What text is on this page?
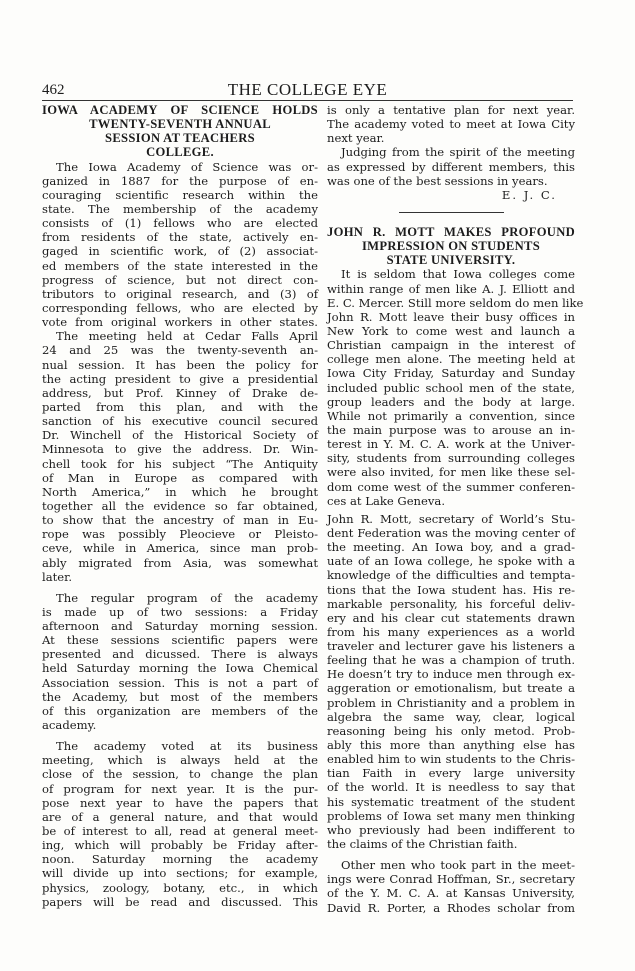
462	THE COLLEGE EYE
IOWA ACADEMY OF SCIENCE HOLDS
TWENTY-SEVENTH ANNUAL
SESSION AT TEACHERS
COLLEGE.
The Iowa Academy of Science was or-
ganized in 1887 for the purpose of en-
couraging scientific research within the
state. The membership of the academy
consists of (1) fellows who are elected
from residents of the state, actively en-
gaged in scientific work, of (2) associat-
ed members of the state interested in the
progress of science, but not direct con-
tributors to original research, and (3) of
corresponding fellows, who are elected by
vote from original workers in other states.
The meeting held at Cedar Falls April
24 and 25 was the twenty-seventh an-
nual session. It has been the policy for
the acting president to give a presidential
address, but Prof. Kinney of Drake de-
parted from this plan, and with the
sanction of his executive council secured
Dr. Winchell of the Historical Society of
Minnesota to give the address. Dr. Win-
chell took for his subject “The Antiquity
of Man in Europe as compared with
North America,” in which he brought
together all the evidence so far obtained,
to show that the ancestry of man in Eu-
rope was possibly Pleocieve or Pleisto-
ceve, while in America, since man prob-
ably migrated from Asia, was somewhat
later.
The regular program of the academy
is made up of two sessions: a Friday
afternoon and Saturday morning session.
At these sessions scientific papers were
presented and dicussed. There is always
held Saturday morning the Iowa Chemical
Association session. This is not a part of
the Academy, but most of the members
of this organization are members of the
academy.
The academy voted at its business
meeting, which is always held at the
close of the session, to change the plan
of program for next year. It is the pur-
pose next year to have the papers that
are of a general nature, and that would
be of interest to all, read at general meet-
ing, which will probably be Friday after-
noon. Saturday morning the academy
will divide up into sections; for example,
physics, zoology, botany, etc., in which
papers will be read and discussed. This
is only a tentative plan for next year.
The academy voted to meet at Iowa City
next year.
Judging from the spirit of the meeting
as expressed by different members, this
was one of the best sessions in years.
E. J. C.
JOHN R. MOTT MAKES PROFOUND
IMPRESSION ON STUDENTS
STATE UNIVERSITY.
It is seldom that Iowa colleges come
within range of men like A. J. Elliott and
E. C. Mercer. Still more seldom do men like
John R. Mott leave their busy offices in
New York to come west and launch a
Christian campaign in the interest of
college men alone. The meeting held at
Iowa City Friday, Saturday and Sunday
included public school men of the state,
group leaders and the body at large.
While not primarily a convention, since
the main purpose was to arouse an in-
terest in Y. M. C. A. work at the Univer-
sity, students from surrounding colleges
were also invited, for men like these sel-
dom come west of the summer conferen-
ces at Lake Geneva.
John R. Mott, secretary of World’s Stu-
dent Federation was the moving center of
the meeting. An Iowa boy, and a grad-
uate of an Iowa college, he spoke with a
knowledge of the difficulties and tempta-
tions that the Iowa student has. His re-
markable personality, his forceful deliv-
ery and his clear cut statements drawn
from his many experiences as a world
traveler and lecturer gave his listeners a
feeling that he was a champion of truth.
He doesn’t try to induce men through ex-
aggeration or emotionalism, but treate a
problem in Christianity and a problem in
algebra the same way, clear, logical
reasoning being his only metod. Prob-
ably this more than anything else has
enabled him to win students to the Chris-
tian Faith in every large university
of the world. It is needless to say that
his systematic treatment of the student
problems of Iowa set many men thinking
who previously had been indifferent to
the claims of the Christian faith.
Other men who took part in the meet-
ings were Conrad Hoffman, Sr., secretary
of the Y. M. C. A. at Kansas University,
David R. Porter, a Rhodes scholar from
